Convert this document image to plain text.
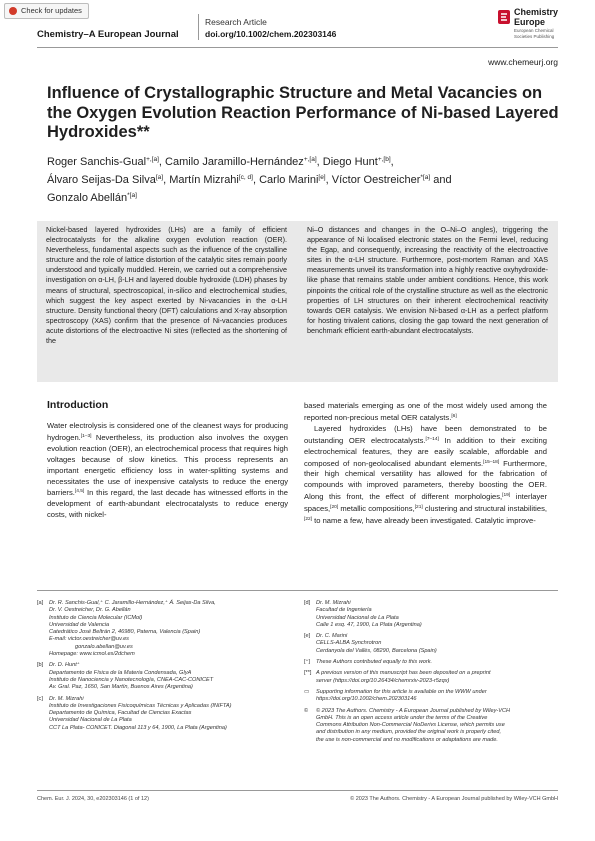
Check for updates
Chemistry–A European Journal
Research Article
doi.org/10.1002/chem.202303146
Chemistry
Europe
European Chemical Societies Publishing
www.chemeurj.org
Influence of Crystallographic Structure and Metal Vacancies on the Oxygen Evolution Reaction Performance of Ni-based Layered Hydroxides**
Roger Sanchis-Gual$^{+,[a]}$, Camilo Jaramillo-Hernández$^{+,[a]}$, Diego Hunt$^{+,[b]}$,
Álvaro Seijas-Da Silva[a], Martín Mizrahi[c, d], Carlo Marini[e], Víctor Oestreicher$^{*[a]}$ and
Gonzalo Abellán$^{*[a]}$
Nickel-based layered hydroxides (LHs) are a family of efficient electrocatalysts for the alkaline oxygen evolution reaction (OER). Nevertheless, fundamental aspects such as the influence of the crystalline structure and the role of lattice distortion of the catalytic sites remain poorly understood and typically muddled. Herein, we carried out a comprehensive investigation on α-LH, β-LH and layered double hydroxide (LDH) phases by means of structural, spectroscopical, in-silico and electrochemical studies, which suggest the key aspect exerted by Ni-vacancies in the α-LH structure. Density functional theory (DFT) calculations and X-ray absorption spectroscopy (XAS) confirm that the presence of Ni-vacancies produces acute distortions of the electroactive Ni sites (reflected as the shortening of the
Ni–O distances and changes in the O–Ni–O angles), triggering the appearance of Ni localised electronic states on the Fermi level, reducing the Egap, and consequently, increasing the reactivity of the electroactive sites in the α-LH structure. Furthermore, post-mortem Raman and XAS measurements unveil its transformation into a highly reactive oxyhydroxide-like phase that remains stable under ambient conditions. Hence, this work pinpoints the critical role of the crystalline structure as well as the electronic properties of LH structures on their inherent electrochemical reactivity towards OER catalysis. We envision Ni-based α-LH as a perfect platform for hosting trivalent cations, closing the gap toward the next generation of benchmark efficient earth-abundant electrocatalysts.
Introduction

Water electrolysis is considered one of the cleanest ways for producing hydrogen.[1–3] Nevertheless, its production also involves the oxygen evolution reaction (OER), an electrochemical process that requires high voltages because of slow kinetics. This process represents an important energetic efficiency loss in water-splitting systems and necessitates the use of inexpensive catalysts to reduce the energy barriers.[4,5] In this regard, the last decade has witnessed efforts in the development of earth-abundant electrocatalysts to reduce energy costs, with nickel-

based materials emerging as one of the most widely used among the reported non-precious metal OER catalysts.[6]

Layered hydroxides (LHs) have been demonstrated to be outstanding OER electrocatalysts.[7–14] In addition to their exciting electrochemical features, they are easily scalable, affordable and composed of non-geolocalised abundant elements.[15–18] Furthermore, their high chemical versatility has allowed for the fabrication of compounds with improved parameters, thereby boosting the OER. Along this front, the effect of different morphologies,[19] interlayer spaces,[20] metallic compositions,[21] clustering and structural instabilities,[22] to name a few, have already been investigated. Catalytic improve-

[a] Dr. R. Sanchis-Gual,⁺ C. Jaramillo-Hernández,⁺ Á. Seijas-Da Silva,
Dr. V. Oestreicher, Dr. G. Abellán
Instituto de Ciencia Molecular (ICMol)
Universidad de Valencia
Catedrático José Beltrán 2, 46980, Paterna, Valencia (Spain)
E-mail: victor.oestreicher@uv.es
gonzalo.abellan@uv.es
Homepage: www.icmol.es/2dchem
[b] Dr. D. Hunt⁺
Departamento de Física de la Materia Condensada, GIyA
Instituto de Nanociencia y Nanotecnología, CNEA-CAC-CONICET
Av. Gral. Paz, 1650, San Martín, Buenos Aires (Argentina)
[c] Dr. M. Mizrahi
Instituto de Investigaciones Fisicoquímicas Técnicas y Aplicadas (INIFTA)
Departamento de Química, Facultad de Ciencias Exactas
Universidad Nacional de La Plata
CCT La Plata- CONICET. Diagonal 113 y 64, 1900, La Plata (Argentina)
[d] Dr. M. Mizrahi
Facultad de Ingeniería
Universidad Nacional de La Plata
Calle 1 esq. 47, 1900, La Plata (Argentina)
[e] Dr. C. Marini
CELLS-ALBA Synchrotron
Cerdanyola del Vallès, 08290, Barcelona (Spain)
[⁺] These Authors contributed equally to this work.
[**] A previous version of this manuscript has been deposited on a preprint
server (https://doi.org/10.26434/chemrxiv-2023-r5zqx)
▭ Supporting information for this article is available on the WWW under
https://doi.org/10.1002/chem.202303146
© © 2023 The Authors. Chemistry - A European Journal published by Wiley-VCH
GmbH. This is an open access article under the terms of the Creative
Commons Attribution Non-Commercial NoDerivs License, which permits use
and distribution in any medium, provided the original work is properly cited,
the use is non-commercial and no modifications or adaptations are made.
Chem. Eur. J. 2024, 30, e202303146 (1 of 12)	© 2023 The Authors. Chemistry - A European Journal published by Wiley-VCH GmbH
